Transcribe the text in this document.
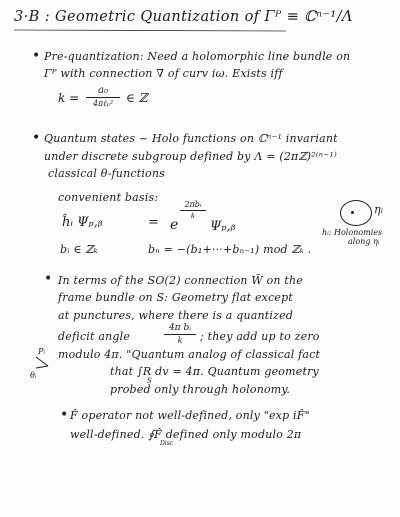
3·B : Geometric Quantization of Γᴾ ≡ ℂⁿ⁻¹/Λ
• Pre-quantization: Need a holomorphic line bundle on
Γᴾ with connection ∇ of curv iω. Exists iff
k =
a₀
4πℓₚ²	∈ ℤ
• Quantum states ~ Holo functions on ℂⁿ⁻¹ invariant
under discrete subgroup defined by Λ = (2πℤ)²⁽ⁿ⁻¹⁾
classical θ-functions
convenient basis:
ĥᵢ Ψₚ,ᵦ	= e
2πbᵢ
k
Ψₚ,ᵦ
ηᵢ
hᵢ: Holonomies
along ηᵢ
bᵢ ∈ ℤₖ	bₙ = −(b₁+···+bₙ₋₁) mod ℤₖ .
• In terms of the SO(2) connection W̃ on the
frame bundle on S: Geometry flat except
at punctures, where there is a quantized
deficit angle	$\frac{\text{4π bᵢ}}{k}$ ; they add up to zero
modulo 4π. "Quantum analog of classical fact
that ∫R dv = 4π. Quantum geometry
S
probed only through holonomy.
Pᵢ
θᵢ
• F̂ operator not well-defined, only "exp iF̂"
well-defined. ∮F̂ defined only modulo 2π
Disc
